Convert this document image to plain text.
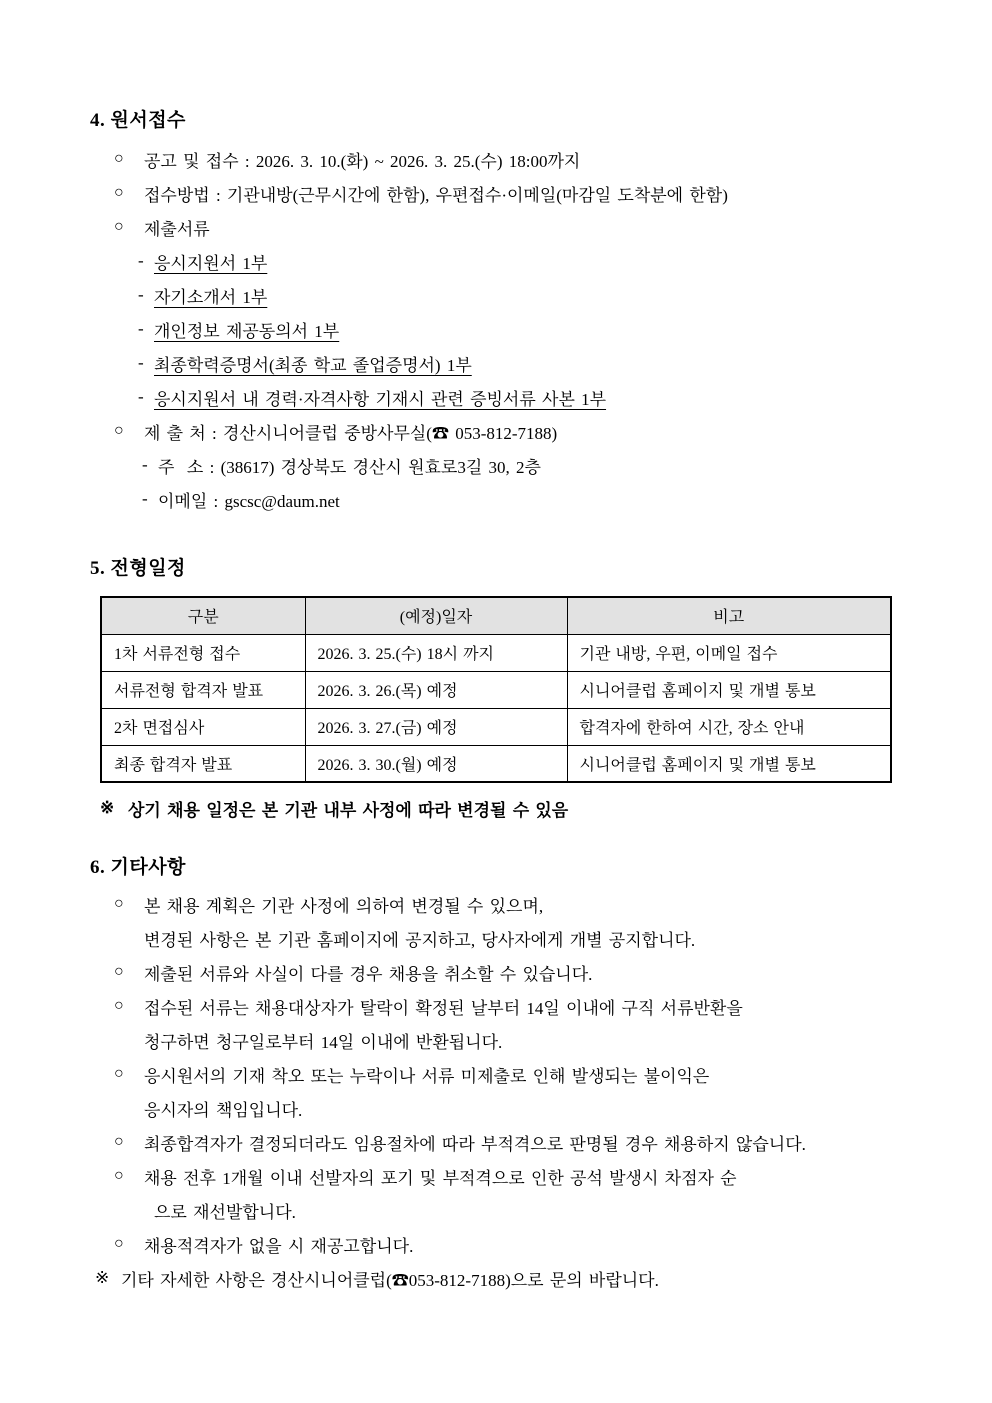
4. 원서접수
○	공고 및 접수 : 2026. 3. 10.(화) ~ 2026. 3. 25.(수) 18:00까지
○	접수방법 : 기관내방(근무시간에 한함), 우편접수·이메일(마감일 도착분에 한함)
○	제출서류
- 응시지원서 1부
- 자기소개서 1부
- 개인정보 제공동의서 1부
- 최종학력증명서(최종 학교 졸업증명서) 1부
- 응시지원서 내 경력·자격사항 기재시 관련 증빙서류 사본 1부
○	제 출 처 : 경산시니어클럽 중방사무실(☎ 053-812-7188)
- 주  소 : (38617) 경상북도 경산시 원효로3길 30, 2층
- 이메일 : gscsc@daum.net
5. 전형일정
구분	(예정)일자	비고
1차 서류전형 접수	2026. 3. 25.(수) 18시 까지	기관 내방, 우편, 이메일 접수
서류전형 합격자 발표	2026. 3. 26.(목) 예정	시니어클럽 홈페이지 및 개별 통보
2차 면접심사	2026. 3. 27.(금) 예정	합격자에 한하여 시간, 장소 안내
최종 합격자 발표	2026. 3. 30.(월) 예정	시니어클럽 홈페이지 및 개별 통보
※ 상기 채용 일정은 본 기관 내부 사정에 따라 변경될 수 있음
6. 기타사항
○	본 채용 계획은 기관 사정에 의하여 변경될 수 있으며,
변경된 사항은 본 기관 홈페이지에 공지하고, 당사자에게 개별 공지합니다.
○	제출된 서류와 사실이 다를 경우 채용을 취소할 수 있습니다.
○	접수된 서류는 채용대상자가 탈락이 확정된 날부터 14일 이내에 구직 서류반환을
청구하면 청구일로부터 14일 이내에 반환됩니다.
○	응시원서의 기재 착오 또는 누락이나 서류 미제출로 인해 발생되는 불이익은
응시자의 책임입니다.
○	최종합격자가 결정되더라도 임용절차에 따라 부적격으로 판명될 경우 채용하지 않습니다.
○	채용 전후 1개월 이내 선발자의 포기 및 부적격으로 인한 공석 발생시 차점자 순
으로 재선발합니다.
○	채용적격자가 없을 시 재공고합니다.
※ 기타 자세한 사항은 경산시니어클럽(☎053-812-7188)으로 문의 바랍니다.
